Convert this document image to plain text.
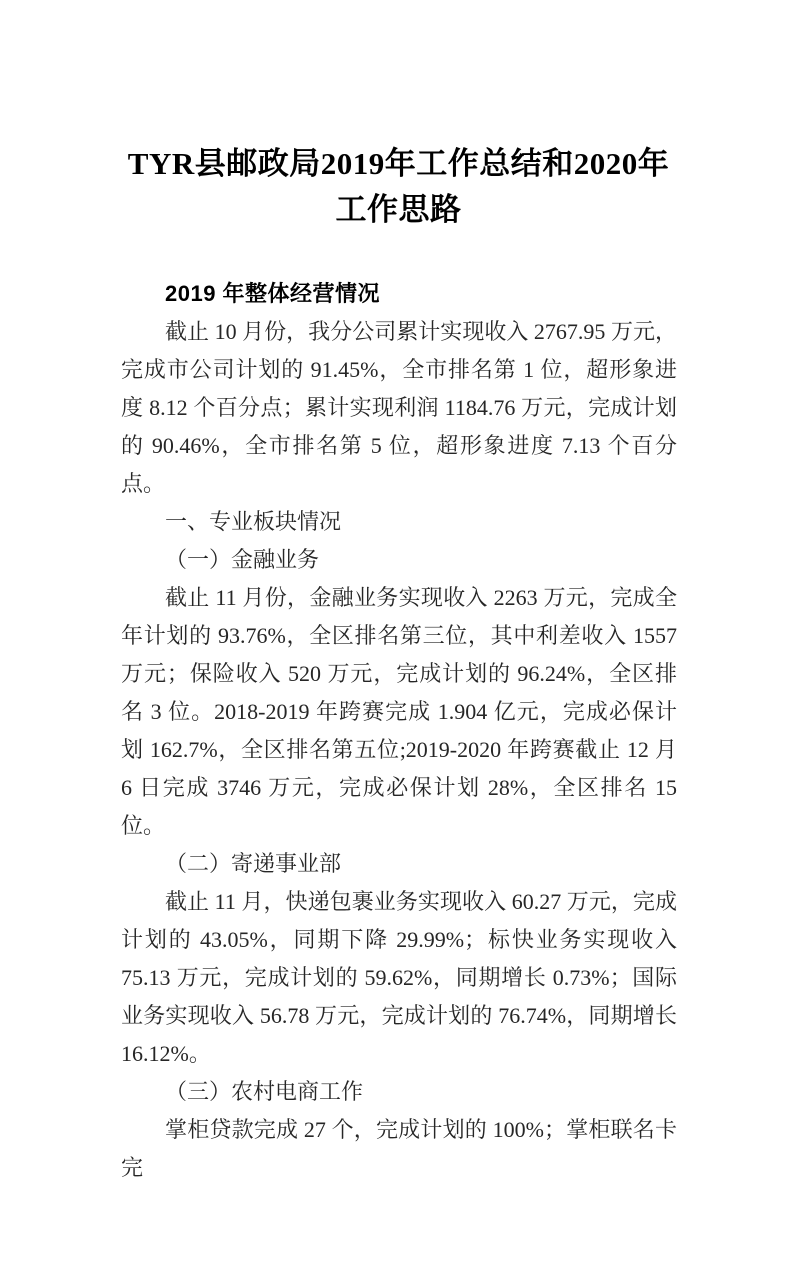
TYR县邮政局2019年工作总结和2020年工作思路

2019 年整体经营情况

截止 10 月份，我分公司累计实现收入 2767.95 万元，完成市公司计划的 91.45%，全市排名第 1 位，超形象进度 8.12 个百分点；累计实现利润 1184.76 万元，完成计划的 90.46%，全市排名第 5 位，超形象进度 7.13 个百分点。

一、专业板块情况

（一）金融业务

截止 11 月份，金融业务实现收入 2263 万元，完成全年计划的 93.76%，全区排名第三位，其中利差收入 1557 万元；保险收入 520 万元，完成计划的 96.24%，全区排名 3 位。2018-2019 年跨赛完成 1.904 亿元，完成必保计划 162.7%，全区排名第五位;2019-2020 年跨赛截止 12 月 6 日完成 3746 万元，完成必保计划 28%，全区排名 15 位。

（二）寄递事业部

截止 11 月，快递包裹业务实现收入 60.27 万元，完成计划的 43.05%，同期下降 29.99%；标快业务实现收入 75.13 万元，完成计划的 59.62%，同期增长 0.73%；国际业务实现收入 56.78 万元，完成计划的 76.74%，同期增长 16.12%。

（三）农村电商工作

掌柜贷款完成 27 个，完成计划的 100%；掌柜联名卡完
